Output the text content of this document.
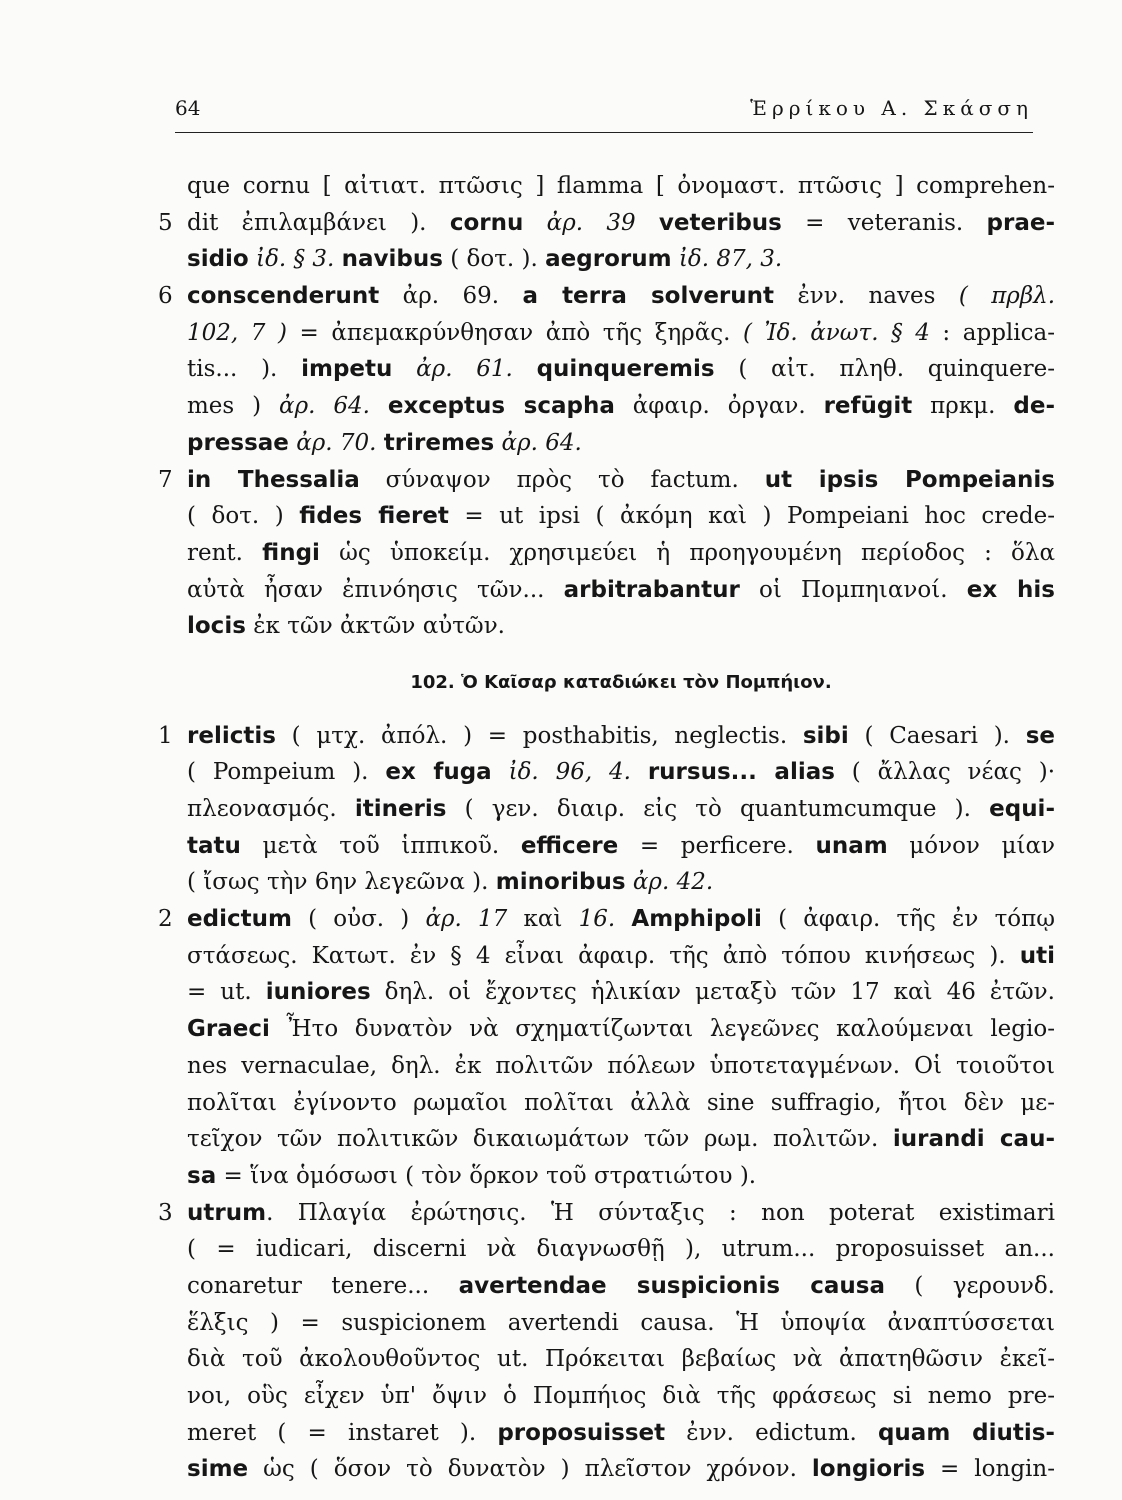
64	Ἑρρίκου Α. Σκάσση
que cornu [ αἰτιατ. πτῶσις ] flamma [ ὀνομαστ. πτῶσις ] comprehen-
5 dit ἐπιλαμβάνει ). cornu ἀρ. 39 veteribus = veteranis. prae-
sidio ἰδ. § 3. navibus ( δοτ. ). aegrorum ἰδ. 87, 3.
6 conscenderunt ἀρ. 69. a terra solverunt ἐνν. naves ( πρβλ.
102, 7 ) = ἀπεμακρύνθησαν ἀπὸ τῆς ξηρᾶς. ( Ἰδ. ἀνωτ. § 4 : applica-
tis... ). impetu ἀρ. 61. quinqueremis ( αἰτ. πληθ. quinquere-
mes ) ἀρ. 64. exceptus scapha ἀφαιρ. ὀργαν. refūgit πρκμ. de-
pressae ἀρ. 70. triremes ἀρ. 64.
7 in Thessalia σύναψον πρὸς τὸ factum. ut ipsis Pompeianis
( δοτ. ) fides fieret = ut ipsi ( ἀκόμη καὶ ) Pompeiani hoc crede-
rent. fingi ὡς ὑποκείμ. χρησιμεύει ἡ προηγουμένη περίοδος : ὅλα
αὐτὰ ἦσαν ἐπινόησις τῶν... arbitrabantur οἱ Πομπηιανοί. ex his
locis ἐκ τῶν ἀκτῶν αὐτῶν.
102. Ὁ Καῖσαρ καταδιώκει τὸν Πομπήιον.
1 relictis ( μτχ. ἀπόλ. ) = posthabitis, neglectis. sibi ( Caesari ). se
( Pompeium ). ex fuga ἰδ. 96, 4. rursus... alias ( ἄλλας νέας )·
πλεονασμός. itineris ( γεν. διαιρ. εἰς τὸ quantumcumque ). equi-
tatu μετὰ τοῦ ἱππικοῦ. efficere = perficere. unam μόνον μίαν
( ἴσως τὴν 6ην λεγεῶνα ). minoribus ἀρ. 42.
2 edictum ( οὐσ. ) ἀρ. 17 καὶ 16. Amphipoli ( ἀφαιρ. τῆς ἐν τόπῳ
στάσεως. Κατωτ. ἐν § 4 εἶναι ἀφαιρ. τῆς ἀπὸ τόπου κινήσεως ). uti
= ut. iuniores δηλ. οἱ ἔχοντες ἡλικίαν μεταξὺ τῶν 17 καὶ 46 ἐτῶν.
Graeci Ἦτο δυνατὸν νὰ σχηματίζωνται λεγεῶνες καλούμεναι legio-
nes vernaculae, δηλ. ἐκ πολιτῶν πόλεων ὑποτεταγμένων. Οἱ τοιοῦτοι
πολῖται ἐγίνοντο ρωμαῖοι πολῖται ἀλλὰ sine suffragio, ἤτοι δὲν με-
τεῖχον τῶν πολιτικῶν δικαιωμάτων τῶν ρωμ. πολιτῶν. iurandi cau-
sa = ἵνα ὁμόσωσι ( τὸν ὅρκον τοῦ στρατιώτου ).
3 utrum. Πλαγία ἐρώτησις. Ἡ σύνταξις : non poterat existimari
( = iudicari, discerni νὰ διαγνωσθῇ ), utrum... proposuisset an...
conaretur tenere... avertendae suspicionis causa ( γερουνδ.
ἕλξις ) = suspicionem avertendi causa. Ἡ ὑποψία ἀναπτύσσεται
διὰ τοῦ ἀκολουθοῦντος ut. Πρόκειται βεβαίως νὰ ἀπατηθῶσιν ἐκεῖ-
νοι, οὓς εἶχεν ὑπ' ὄψιν ὁ Πομπήιος διὰ τῆς φράσεως si nemo pre-
meret ( = instaret ). proposuisset ἐνν. edictum. quam diutis-
sime ὡς ( ὅσον τὸ δυνατὸν ) πλεῖστον χρόνον. longioris = longin-
